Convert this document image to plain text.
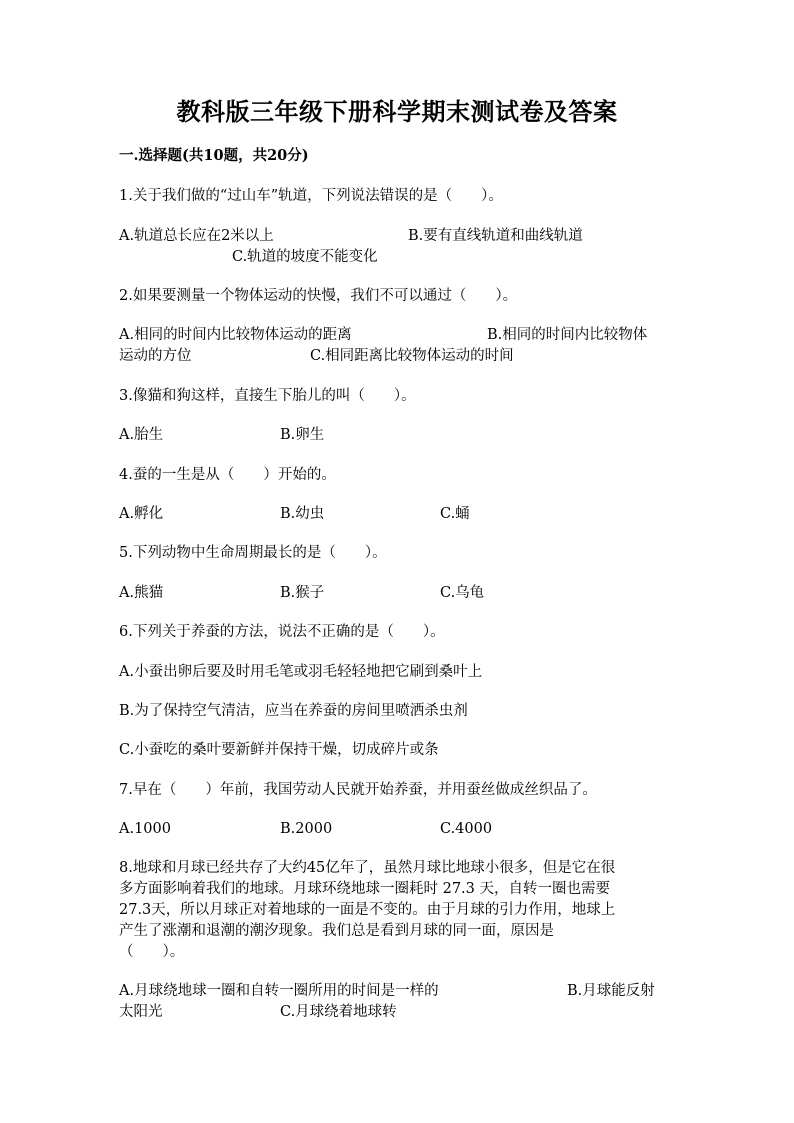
教科版三年级下册科学期末测试卷及答案
一.选择题(共10题，共20分)
1.关于我们做的“过山车”轨道，下列说法错误的是（　　）。
A.轨道总长应在2米以上	B.要有直线轨道和曲线轨道
C.轨道的坡度不能变化
2.如果要测量一个物体运动的快慢，我们不可以通过（　　）。
A.相同的时间内比较物体运动的距离	B.相同的时间内比较物体
运动的方位	C.相同距离比较物体运动的时间
3.像猫和狗这样，直接生下胎儿的叫（　　）。
A.胎生	B.卵生
4.蚕的一生是从（　　）开始的。
A.孵化	B.幼虫	C.蛹
5.下列动物中生命周期最长的是（　　）。
A.熊猫	B.猴子	C.乌龟
6.下列关于养蚕的方法，说法不正确的是（　　）。
A.小蚕出卵后要及时用毛笔或羽毛轻轻地把它刷到桑叶上
B.为了保持空气清洁，应当在养蚕的房间里喷洒杀虫剂
C.小蚕吃的桑叶要新鲜并保持干燥，切成碎片或条
7.早在（　　）年前，我国劳动人民就开始养蚕，并用蚕丝做成丝织品了。
A.1000	B.2000	C.4000
8.地球和月球已经共存了大约45亿年了，虽然月球比地球小很多，但是它在很
多方面影响着我们的地球。月球环绕地球一圈耗时 27.3 天，自转一圈也需要
27.3天，所以月球正对着地球的一面是不变的。由于月球的引力作用，地球上
产生了涨潮和退潮的潮汐现象。我们总是看到月球的同一面，原因是
（　　）。
A.月球绕地球一圈和自转一圈所用的时间是一样的	B.月球能反射
太阳光	C.月球绕着地球转
